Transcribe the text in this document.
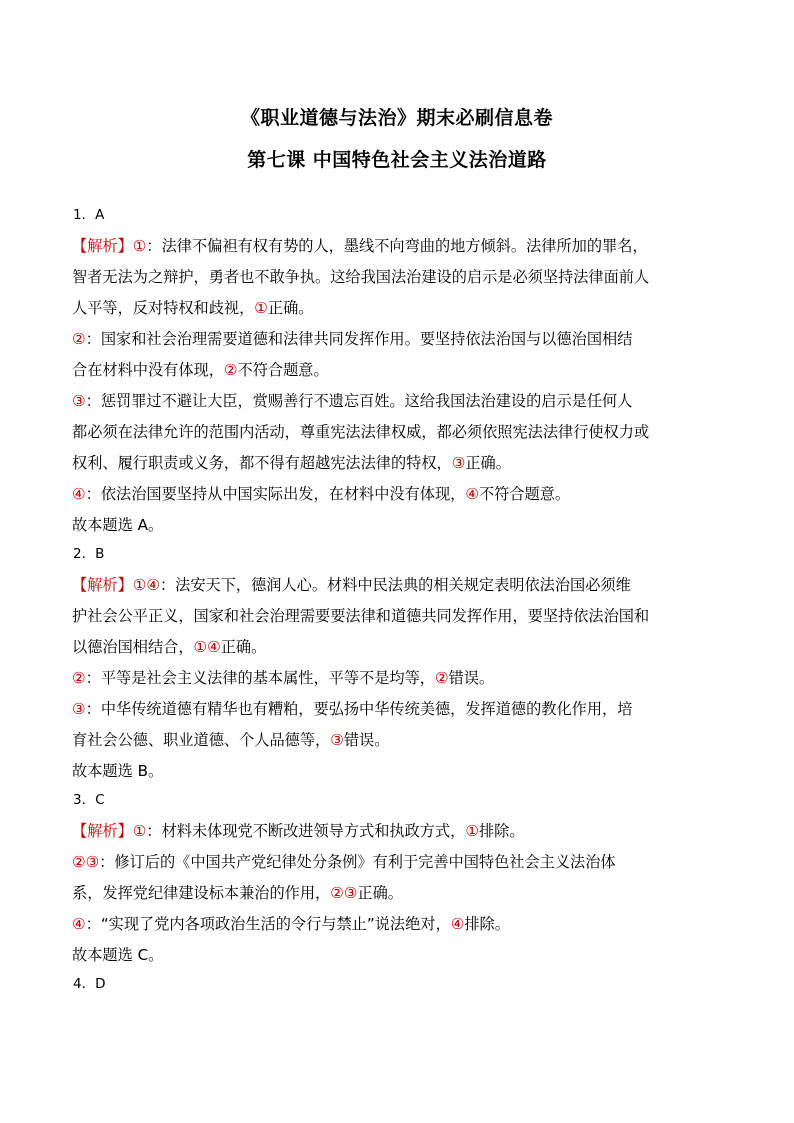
《职业道德与法治》期末必刷信息卷
第七课 中国特色社会主义法治道路
1．A
【解析】①：法律不偏袒有权有势的人，墨线不向弯曲的地方倾斜。法律所加的罪名，
智者无法为之辩护，勇者也不敢争执。这给我国法治建设的启示是必须坚持法律面前人
人平等，反对特权和歧视，①正确。
②：国家和社会治理需要道德和法律共同发挥作用。要坚持依法治国与以德治国相结
合在材料中没有体现，②不符合题意。
③：惩罚罪过不避让大臣，赏赐善行不遗忘百姓。这给我国法治建设的启示是任何人
都必须在法律允许的范围内活动，尊重宪法法律权威，都必须依照宪法法律行使权力或
权利、履行职责或义务，都不得有超越宪法法律的特权，③正确。
④：依法治国要坚持从中国实际出发，在材料中没有体现，④不符合题意。
故本题选 A。
2．B
【解析】①④：法安天下，德润人心。材料中民法典的相关规定表明依法治国必须维
护社会公平正义，国家和社会治理需要要法律和道德共同发挥作用，要坚持依法治国和
以德治国相结合，①④正确。
②：平等是社会主义法律的基本属性，平等不是均等，②错误。
③：中华传统道德有精华也有糟粕，要弘扬中华传统美德，发挥道德的教化作用，培
育社会公德、职业道德、个人品德等，③错误。
故本题选 B。
3．C
【解析】①：材料未体现党不断改进领导方式和执政方式，①排除。
②③：修订后的《中国共产党纪律处分条例》有利于完善中国特色社会主义法治体
系，发挥党纪律建设标本兼治的作用，②③正确。
④：“实现了党内各项政治生活的令行与禁止”说法绝对，④排除。
故本题选 C。
4．D
